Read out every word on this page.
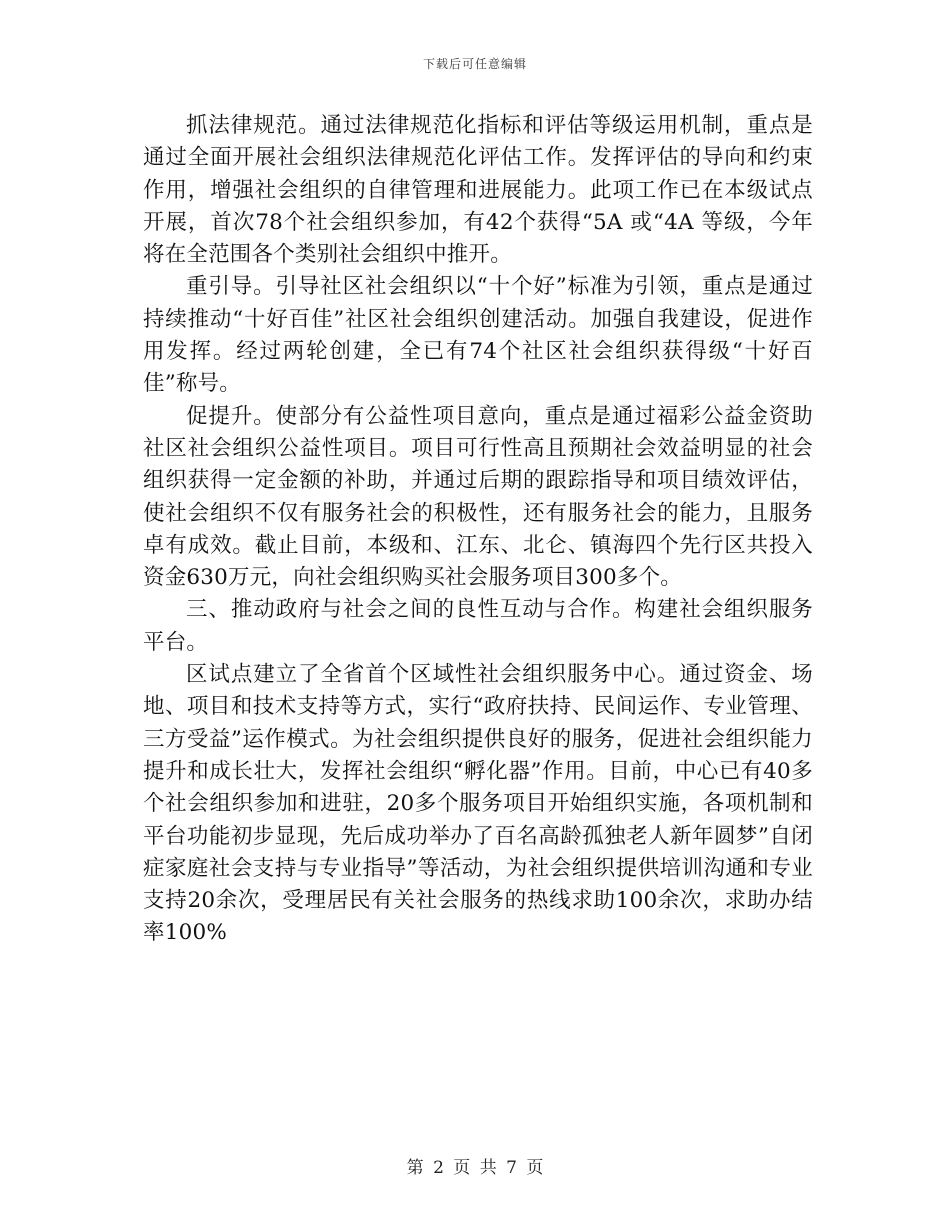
下载后可任意编辑

抓法律规范。通过法律规范化指标和评估等级运用机制，重点是通过全面开展社会组织法律规范化评估工作。发挥评估的导向和约束作用，增强社会组织的自律管理和进展能力。此项工作已在本级试点开展，首次78个社会组织参加，有42个获得“5A 或“4A 等级，今年将在全范围各个类别社会组织中推开。

重引导。引导社区社会组织以“十个好”标准为引领，重点是通过持续推动“十好百佳”社区社会组织创建活动。加强自我建设，促进作用发挥。经过两轮创建，全已有74个社区社会组织获得级“十好百佳”称号。

促提升。使部分有公益性项目意向，重点是通过福彩公益金资助社区社会组织公益性项目。项目可行性高且预期社会效益明显的社会组织获得一定金额的补助，并通过后期的跟踪指导和项目绩效评估，使社会组织不仅有服务社会的积极性，还有服务社会的能力，且服务卓有成效。截止目前，本级和、江东、北仑、镇海四个先行区共投入资金630万元，向社会组织购买社会服务项目300多个。

三、推动政府与社会之间的良性互动与合作。构建社会组织服务平台。

区试点建立了全省首个区域性社会组织服务中心。通过资金、场地、项目和技术支持等方式，实行“政府扶持、民间运作、专业管理、三方受益”运作模式。为社会组织提供良好的服务，促进社会组织能力提升和成长壮大，发挥社会组织“孵化器”作用。目前，中心已有40多个社会组织参加和进驻，20多个服务项目开始组织实施，各项机制和平台功能初步显现，先后成功举办了百名高龄孤独老人新年圆梦”自闭症家庭社会支持与专业指导”等活动，为社会组织提供培训沟通和专业支持20余次，受理居民有关社会服务的热线求助100余次，求助办结率100%

第 2 页 共 7 页
